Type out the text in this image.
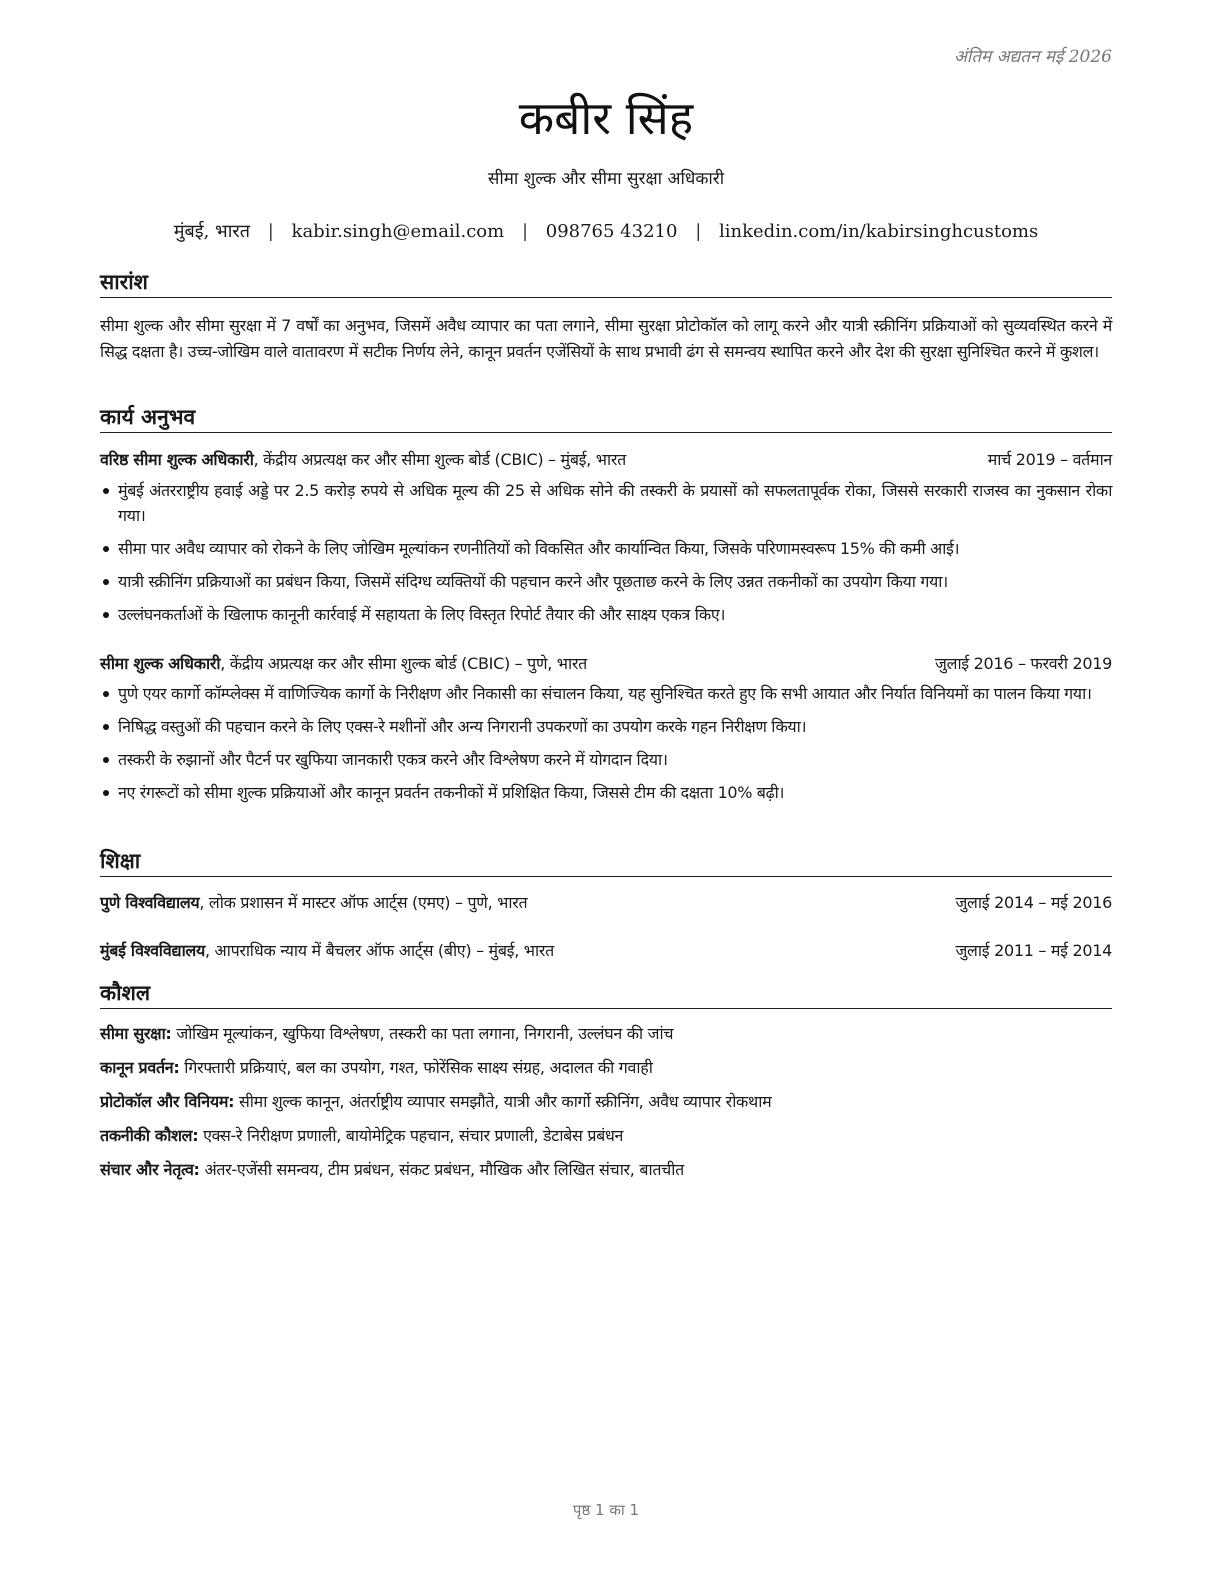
अंतिम अद्यतन मई 2026
कबीर सिंह
सीमा शुल्क और सीमा सुरक्षा अधिकारी
मुंबई, भारत | kabir.singh@email.com | 098765 43210 | linkedin.com/in/kabirsinghcustoms
सारांश
सीमा शुल्क और सीमा सुरक्षा में 7 वर्षों का अनुभव, जिसमें अवैध व्यापार का पता लगाने, सीमा सुरक्षा प्रोटोकॉल को लागू करने और यात्री स्क्रीनिंग प्रक्रियाओं को सुव्यवस्थित करने में सिद्ध दक्षता है। उच्च-जोखिम वाले वातावरण में सटीक निर्णय लेने, कानून प्रवर्तन एजेंसियों के साथ प्रभावी ढंग से समन्वय स्थापित करने और देश की सुरक्षा सुनिश्चित करने में कुशल।
कार्य अनुभव
वरिष्ठ सीमा शुल्क अधिकारी, केंद्रीय अप्रत्यक्ष कर और सीमा शुल्क बोर्ड (CBIC) – मुंबई, भारत	मार्च 2019 – वर्तमान
मुंबई अंतरराष्ट्रीय हवाई अड्डे पर 2.5 करोड़ रुपये से अधिक मूल्य की 25 से अधिक सोने की तस्करी के प्रयासों को सफलतापूर्वक रोका, जिससे सरकारी राजस्व का नुकसान रोका गया।
सीमा पार अवैध व्यापार को रोकने के लिए जोखिम मूल्यांकन रणनीतियों को विकसित और कार्यान्वित किया, जिसके परिणामस्वरूप 15% की कमी आई।
यात्री स्क्रीनिंग प्रक्रियाओं का प्रबंधन किया, जिसमें संदिग्ध व्यक्तियों की पहचान करने और पूछताछ करने के लिए उन्नत तकनीकों का उपयोग किया गया।
उल्लंघनकर्ताओं के खिलाफ कानूनी कार्रवाई में सहायता के लिए विस्तृत रिपोर्ट तैयार की और साक्ष्य एकत्र किए।
सीमा शुल्क अधिकारी, केंद्रीय अप्रत्यक्ष कर और सीमा शुल्क बोर्ड (CBIC) – पुणे, भारत	जुलाई 2016 – फरवरी 2019
पुणे एयर कार्गो कॉम्प्लेक्स में वाणिज्यिक कार्गो के निरीक्षण और निकासी का संचालन किया, यह सुनिश्चित करते हुए कि सभी आयात और निर्यात विनियमों का पालन किया गया।
निषिद्ध वस्तुओं की पहचान करने के लिए एक्स-रे मशीनों और अन्य निगरानी उपकरणों का उपयोग करके गहन निरीक्षण किया।
तस्करी के रुझानों और पैटर्न पर खुफिया जानकारी एकत्र करने और विश्लेषण करने में योगदान दिया।
नए रंगरूटों को सीमा शुल्क प्रक्रियाओं और कानून प्रवर्तन तकनीकों में प्रशिक्षित किया, जिससे टीम की दक्षता 10% बढ़ी।
शिक्षा
पुणे विश्वविद्यालय, लोक प्रशासन में मास्टर ऑफ आर्ट्स (एमए) – पुणे, भारत	जुलाई 2014 – मई 2016
मुंबई विश्वविद्यालय, आपराधिक न्याय में बैचलर ऑफ आर्ट्स (बीए) – मुंबई, भारत	जुलाई 2011 – मई 2014
कौशल
सीमा सुरक्षा: जोखिम मूल्यांकन, खुफिया विश्लेषण, तस्करी का पता लगाना, निगरानी, उल्लंघन की जांच
कानून प्रवर्तन: गिरफ्तारी प्रक्रियाएं, बल का उपयोग, गश्त, फोरेंसिक साक्ष्य संग्रह, अदालत की गवाही
प्रोटोकॉल और विनियम: सीमा शुल्क कानून, अंतर्राष्ट्रीय व्यापार समझौते, यात्री और कार्गो स्क्रीनिंग, अवैध व्यापार रोकथाम
तकनीकी कौशल: एक्स-रे निरीक्षण प्रणाली, बायोमेट्रिक पहचान, संचार प्रणाली, डेटाबेस प्रबंधन
संचार और नेतृत्व: अंतर-एजेंसी समन्वय, टीम प्रबंधन, संकट प्रबंधन, मौखिक और लिखित संचार, बातचीत
पृष्ठ 1 का 1
